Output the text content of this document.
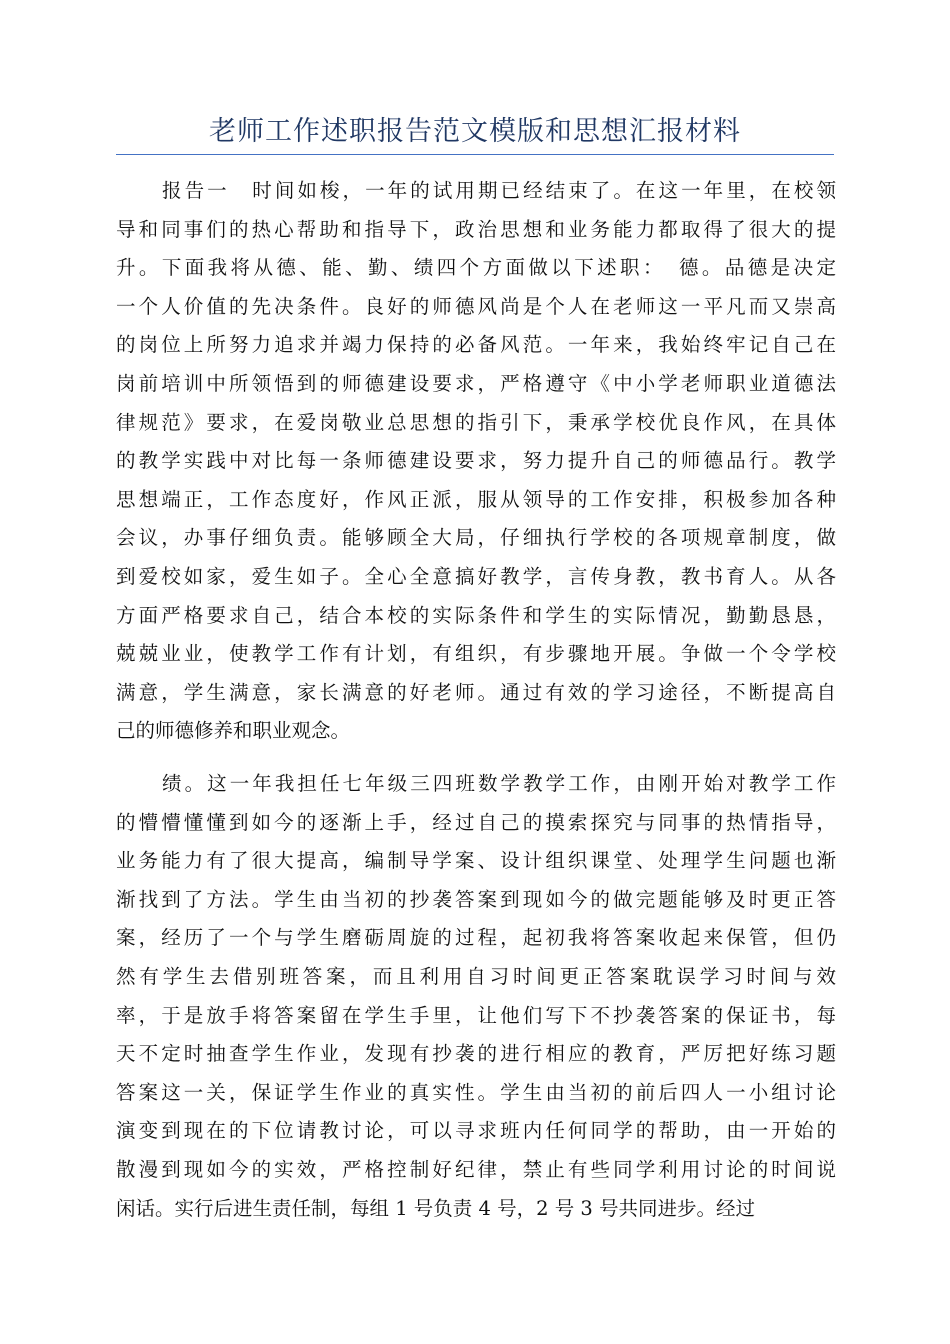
老师工作述职报告范文模版和思想汇报材料
报告一　时间如梭，一年的试用期已经结束了。在这一年里，在校领
导和同事们的热心帮助和指导下，政治思想和业务能力都取得了很大的提
升。下面我将从德、能、勤、绩四个方面做以下述职：　德。品德是决定
一个人价值的先决条件。良好的师德风尚是个人在老师这一平凡而又崇高
的岗位上所努力追求并竭力保持的必备风范。一年来，我始终牢记自己在
岗前培训中所领悟到的师德建设要求，严格遵守《中小学老师职业道德法
律规范》要求，在爱岗敬业总思想的指引下，秉承学校优良作风，在具体
的教学实践中对比每一条师德建设要求，努力提升自己的师德品行。教学
思想端正，工作态度好，作风正派，服从领导的工作安排，积极参加各种
会议，办事仔细负责。能够顾全大局，仔细执行学校的各项规章制度，做
到爱校如家，爱生如子。全心全意搞好教学，言传身教，教书育人。从各
方面严格要求自己，结合本校的实际条件和学生的实际情况，勤勤恳恳，
兢兢业业，使教学工作有计划，有组织，有步骤地开展。争做一个令学校
满意，学生满意，家长满意的好老师。通过有效的学习途径，不断提高自
己的师德修养和职业观念。
绩。这一年我担任七年级三四班数学教学工作，由刚开始对教学工作
的懵懵懂懂到如今的逐渐上手，经过自己的摸索探究与同事的热情指导，
业务能力有了很大提高，编制导学案、设计组织课堂、处理学生问题也渐
渐找到了方法。学生由当初的抄袭答案到现如今的做完题能够及时更正答
案，经历了一个与学生磨砺周旋的过程，起初我将答案收起来保管，但仍
然有学生去借别班答案，而且利用自习时间更正答案耽误学习时间与效
率，于是放手将答案留在学生手里，让他们写下不抄袭答案的保证书，每
天不定时抽查学生作业，发现有抄袭的进行相应的教育，严厉把好练习题
答案这一关，保证学生作业的真实性。学生由当初的前后四人一小组讨论
演变到现在的下位请教讨论，可以寻求班内任何同学的帮助，由一开始的
散漫到现如今的实效，严格控制好纪律，禁止有些同学利用讨论的时间说
闲话。实行后进生责任制，每组 1 号负责 4 号，2 号 3 号共同进步。经过
